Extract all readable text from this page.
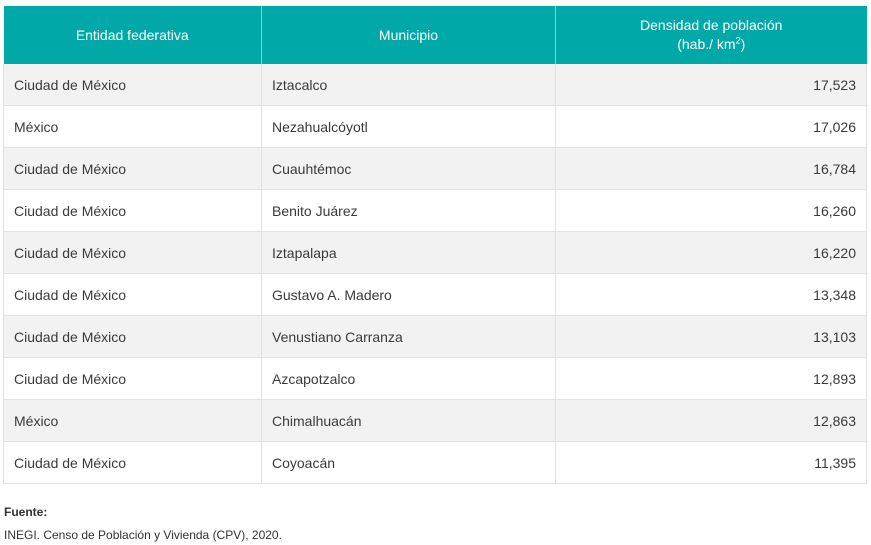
Entidad federativa	Municipio	Densidad de población
(hab./ $km^2$)
Ciudad de México	Iztacalco	17,523
México	Nezahualcóyotl	17,026
Ciudad de México	Cuauhtémoc	16,784
Ciudad de México	Benito Juárez	16,260
Ciudad de México	Iztapalapa	16,220
Ciudad de México	Gustavo A. Madero	13,348
Ciudad de México	Venustiano Carranza	13,103
Ciudad de México	Azcapotzalco	12,893
México	Chimalhuacán	12,863
Ciudad de México	Coyoacán	11,395
Fuente:
INEGI. Censo de Población y Vivienda (CPV), 2020.
